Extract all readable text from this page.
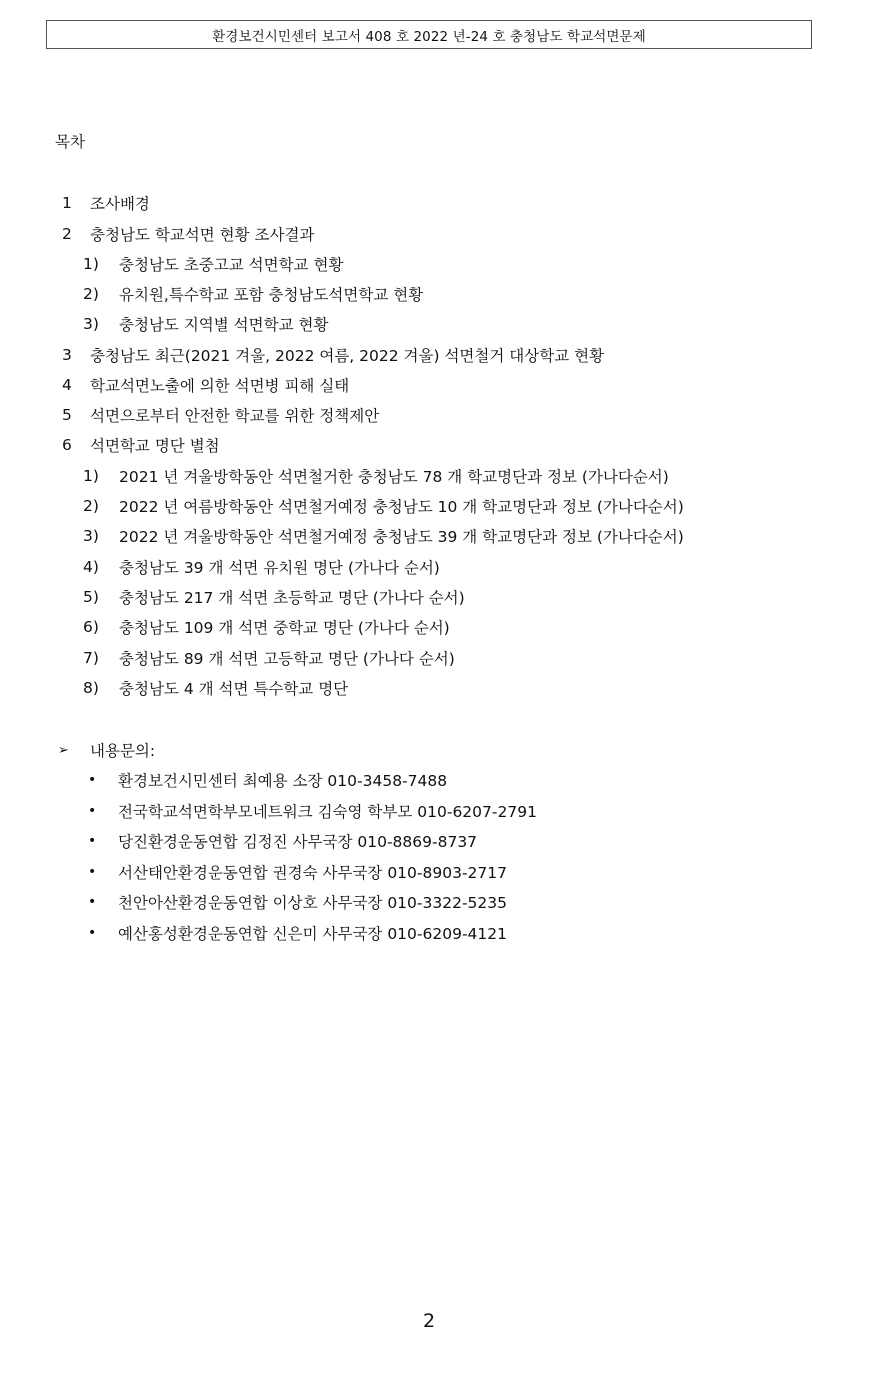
환경보건시민센터 보고서 408 호 2022 년-24 호 충청남도 학교석면문제
목차
1	조사배경
2	충청남도 학교석면 현황 조사결과
1)	충청남도 초중고교 석면학교 현황
2)	유치원,특수학교 포함 충청남도석면학교 현황
3)	충청남도 지역별 석면학교 현황
3	충청남도 최근(2021 겨울, 2022 여름, 2022 겨울) 석면철거 대상학교 현황
4	학교석면노출에 의한 석면병 피해 실태
5	석면으로부터 안전한 학교를 위한 정책제안
6	석면학교 명단 별첨
1)	2021 년 겨울방학동안 석면철거한 충청남도 78 개 학교명단과 정보 (가나다순서)
2)	2022 년 여름방학동안 석면철거예정 충청남도 10 개 학교명단과 정보 (가나다순서)
3)	2022 년 겨울방학동안 석면철거예정 충청남도 39 개 학교명단과 정보 (가나다순서)
4)	충청남도 39 개 석면 유치원 명단 (가나다 순서)
5)	충청남도 217 개 석면 초등학교 명단 (가나다 순서)
6)	충청남도 109 개 석면 중학교 명단 (가나다 순서)
7)	충청남도 89 개 석면 고등학교 명단 (가나다 순서)
8)	충청남도 4 개 석면 특수학교 명단
➢	내용문의:
•	환경보건시민센터 최예용 소장 010-3458-7488
•	전국학교석면학부모네트워크 김숙영 학부모 010-6207-2791
•	당진환경운동연합 김정진 사무국장 010-8869-8737
•	서산태안환경운동연합 권경숙 사무국장 010-8903-2717
•	천안아산환경운동연합 이상호 사무국장 010-3322-5235
•	예산홍성환경운동연합 신은미 사무국장 010-6209-4121
2
